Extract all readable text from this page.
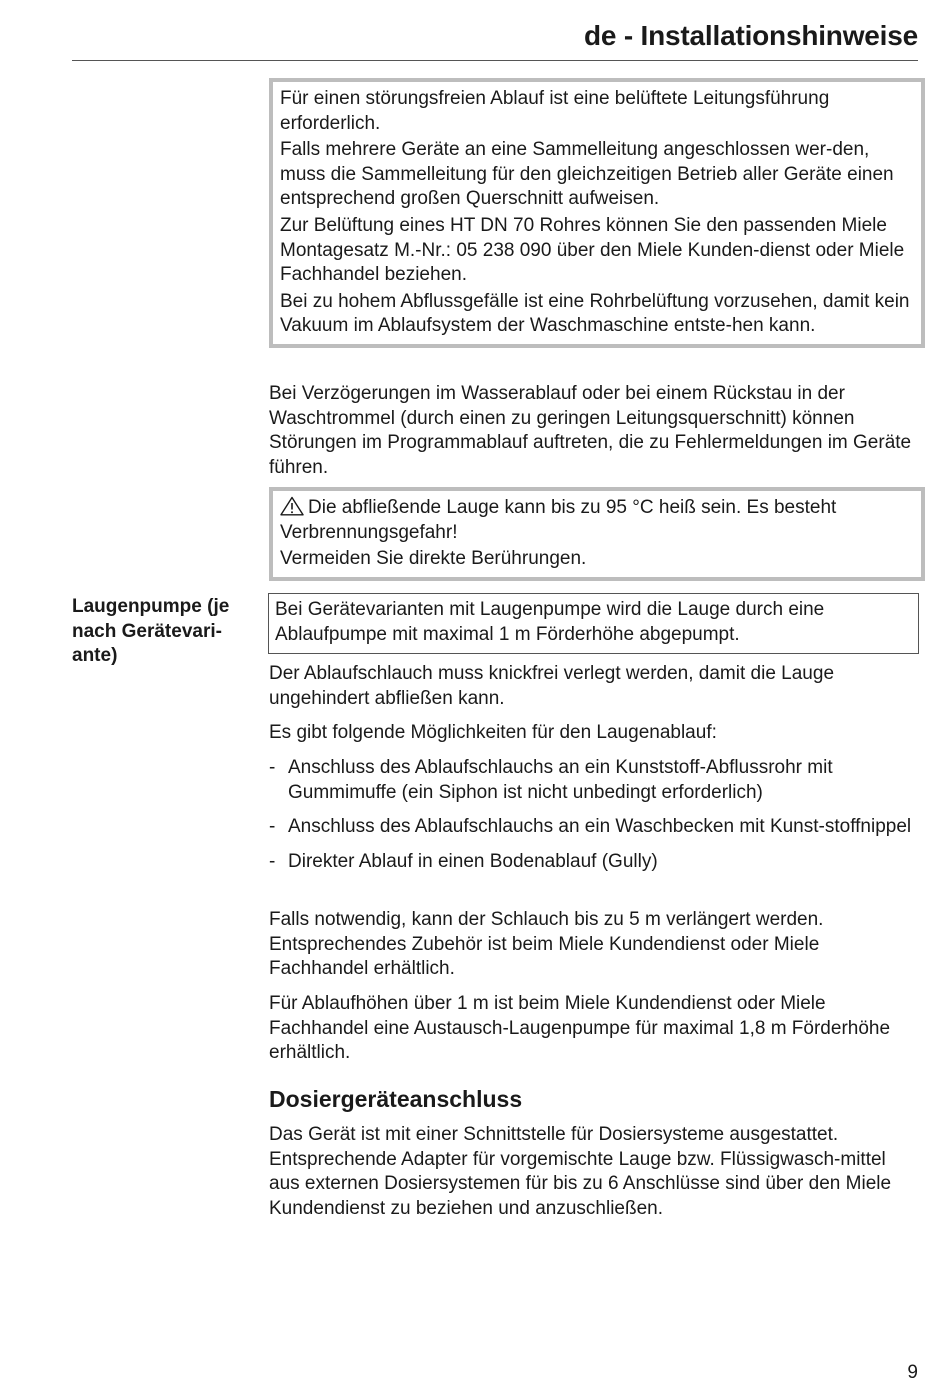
de - Installationshinweise
Für einen störungsfreien Ablauf ist eine belüftete Leitungsführung erforderlich.
Falls mehrere Geräte an eine Sammelleitung angeschlossen wer-den, muss die Sammelleitung für den gleichzeitigen Betrieb aller Geräte einen entsprechend großen Querschnitt aufweisen.
Zur Belüftung eines HT DN 70 Rohres können Sie den passenden Miele Montagesatz M.-Nr.: 05 238 090 über den Miele Kunden-dienst oder Miele Fachhandel beziehen.
Bei zu hohem Abflussgefälle ist eine Rohrbelüftung vorzusehen, damit kein Vakuum im Ablaufsystem der Waschmaschine entste-hen kann.

Bei Verzögerungen im Wasserablauf oder bei einem Rückstau in der Waschtrommel (durch einen zu geringen Leitungsquerschnitt) können Störungen im Programmablauf auftreten, die zu Fehlermeldungen im Geräte führen.

Die abfließende Lauge kann bis zu 95 °C heiß sein. Es besteht Verbrennungsgefahr!
Vermeiden Sie direkte Berührungen.
Laugenpumpe (je nach Gerätevari-ante)
Bei Gerätevarianten mit Laugenpumpe wird die Lauge durch eine Ablaufpumpe mit maximal 1 m Förderhöhe abgepumpt.

Der Ablaufschlauch muss knickfrei verlegt werden, damit die Lauge ungehindert abfließen kann.

Es gibt folgende Möglichkeiten für den Laugenablauf:

- Anschluss des Ablaufschlauchs an ein Kunststoff-Abflussrohr mit Gummimuffe (ein Siphon ist nicht unbedingt erforderlich)
- Anschluss des Ablaufschlauchs an ein Waschbecken mit Kunst-stoffnippel
- Direkter Ablauf in einen Bodenablauf (Gully)

Falls notwendig, kann der Schlauch bis zu 5 m verlängert werden. Entsprechendes Zubehör ist beim Miele Kundendienst oder Miele Fachhandel erhältlich.

Für Ablaufhöhen über 1 m ist beim Miele Kundendienst oder Miele Fachhandel eine Austausch-Laugenpumpe für maximal 1,8 m Förderhöhe erhältlich.

Dosiergeräteanschluss

Das Gerät ist mit einer Schnittstelle für Dosiersysteme ausgestattet. Entsprechende Adapter für vorgemischte Lauge bzw. Flüssigwasch-mittel aus externen Dosiersystemen für bis zu 6 Anschlüsse sind über den Miele Kundendienst zu beziehen und anzuschließen.

9
